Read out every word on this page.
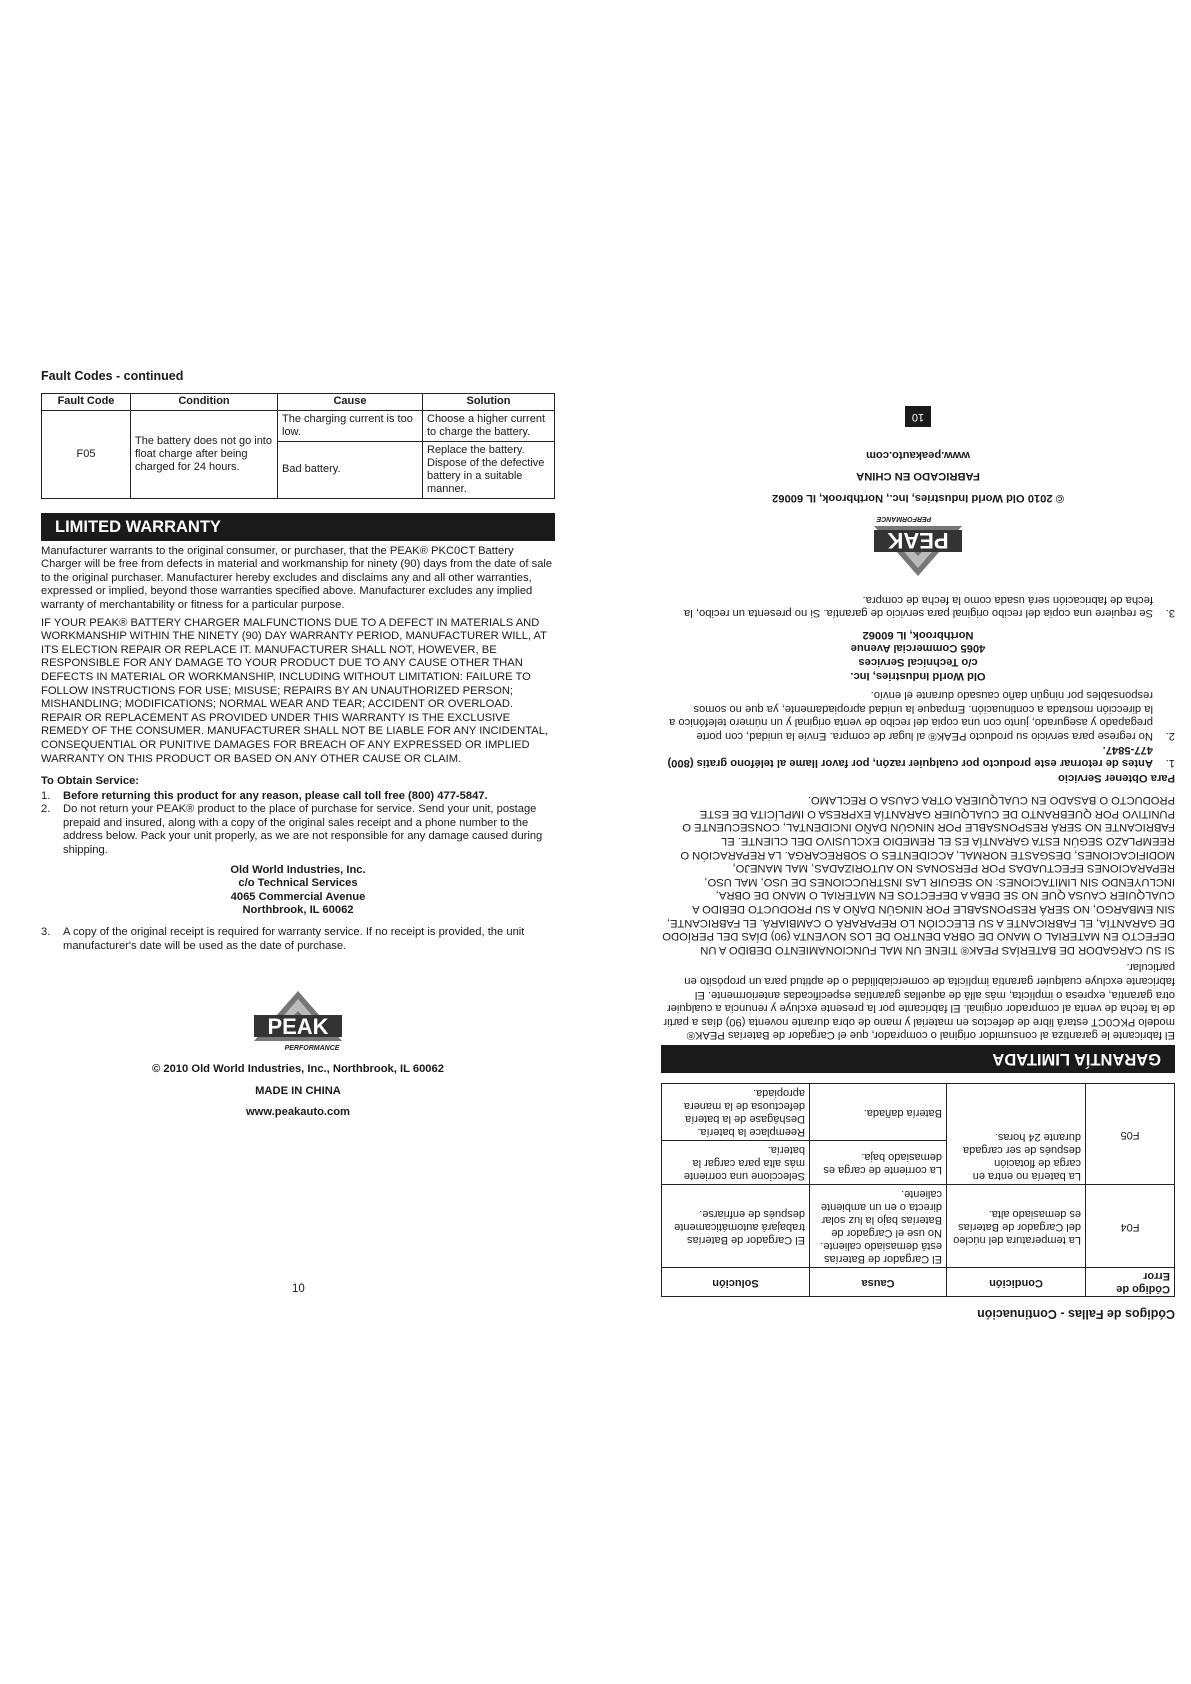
Fault Codes - continued
Fault Code	Condition	Cause	Solution
F05	The battery does not go into float charge after being charged for 24 hours.	The charging current is too low.	Choose a higher current to charge the battery.
		Bad battery.	Replace the battery. Dispose of the defective battery in a suitable manner.
LIMITED WARRANTY

Manufacturer warrants to the original consumer, or purchaser, that the PEAK® PKC0CT Battery Charger will be free from defects in material and workmanship for ninety (90) days from the date of sale to the original purchaser. Manufacturer hereby excludes and disclaims any and all other warranties, expressed or implied, beyond those warranties specified above. Manufacturer excludes any implied warranty of merchantability or fitness for a particular purpose.

IF YOUR PEAK® BATTERY CHARGER MALFUNCTIONS DUE TO A DEFECT IN MATERIALS AND WORKMANSHIP WITHIN THE NINETY (90) DAY WARRANTY PERIOD, MANUFACTURER WILL, AT ITS ELECTION REPAIR OR REPLACE IT. MANUFACTURER SHALL NOT, HOWEVER, BE RESPONSIBLE FOR ANY DAMAGE TO YOUR PRODUCT DUE TO ANY CAUSE OTHER THAN DEFECTS IN MATERIAL OR WORKMANSHIP, INCLUDING WITHOUT LIMITATION: FAILURE TO FOLLOW INSTRUCTIONS FOR USE; MISUSE; REPAIRS BY AN UNAUTHORIZED PERSON; MISHANDLING; MODIFICATIONS; NORMAL WEAR AND TEAR; ACCIDENT OR OVERLOAD. REPAIR OR REPLACEMENT AS PROVIDED UNDER THIS WARRANTY IS THE EXCLUSIVE REMEDY OF THE CONSUMER. MANUFACTURER SHALL NOT BE LIABLE FOR ANY INCIDENTAL, CONSEQUENTIAL OR PUNITIVE DAMAGES FOR BREACH OF ANY EXPRESSED OR IMPLIED WARRANTY ON THIS PRODUCT OR BASED ON ANY OTHER CAUSE OR CLAIM.

To Obtain Service:
1. Before returning this product for any reason, please call toll free (800) 477-5847.
2. Do not return your PEAK® product to the place of purchase for service. Send your unit, postage prepaid and insured, along with a copy of the original sales receipt and a phone number to the address below. Pack your unit properly, as we are not responsible for any damage caused during shipping.
Old World Industries, Inc.
c/o Technical Services
4065 Commercial Avenue
Northbrook, IL 60062
3. A copy of the original receipt is required for warranty service. If no receipt is provided, the unit manufacturer's date will be used as the date of purchase.
PEAK
PERFORMANCE
© 2010 Old World Industries, Inc., Northbrook, IL 60062
MADE IN CHINA
www.peakauto.com
10
Códigos de Fallas - Continuación
Código de Error	Condición	Causa	Solución
F04	La temperatura del núcleo del Cargador de Baterías es demasiado alta.	El Cargador de Baterías está demasiado caliente. No use el Cargador de Baterías bajo la luz solar directa o en un ambiente caliente.	El Cargador de Baterías trabajará automáticamente después de enfriarse.
F05	La batería no entra en carga de flotación después de ser cargada durante 24 horas.	La corriente de carga es demasiado baja.	Seleccione una corriente más alta para cargar la batería.
		Batería dañada.	Reemplace la batería. Deshágase de la batería defectuosa de la manera apropiada.
GARANTÍA LIMITADA

El fabricante le garantiza al consumidor original o comprador, que el Cargador de Baterías PEAK® modelo PKC0CT estará libre de defectos en material y mano de obra durante noventa (90) días a partir de la fecha de venta al comprador original. El fabricante por la presente excluye y renuncia a cualquier otra garantía, expresa o implícita, más allá de aquellas garantías especificadas anteriormente. El fabricante excluye cualquier garantía implícita de comerciabilidad o de aptitud para un propósito en particular.

SI SU CARGADOR DE BATERÍAS PEAK® TIENE UN MAL FUNCIONAMIENTO DEBIDO A UN DEFECTO EN MATERIAL O MANO DE OBRA DENTRO DE LOS NOVENTA (90) DÍAS DEL PERÍODO DE GARANTÍA, EL FABRICANTE A SU ELECCIÓN LO REPARARÁ O CAMBIARÁ. EL FABRICANTE, SIN EMBARGO, NO SERÁ RESPONSABLE POR NINGÚN DAÑO A SU PRODUCTO DEBIDO A CUALQUIER CAUSA QUE NO SE DEBA A DEFECTOS EN MATERIAL O MANO DE OBRA, INCLUYENDO SIN LIMITACIONES: NO SEGUIR LAS INSTRUCCIONES DE USO, MAL USO, REPARACIONES EFECTUADAS POR PERSONAS NO AUTORIZADAS, MAL MANEJO, MODIFICACIONES, DESGASTE NORMAL, ACCIDENTES O SOBRECARGA. LA REPARACIÓN O REEMPLAZO SEGÚN ESTA GARANTÍA ES EL REMEDIO EXCLUSIVO DEL CLIENTE. EL FABRICANTE NO SERÁ RESPONSABLE POR NINGÚN DAÑO INCIDENTAL, CONSECUENTE O PUNITIVO POR QUEBRANTO DE CUALQUIER GARANTÍA EXPRESA O IMPLÍCITA DE ESTE PRODUCTO O BASADO EN CUALQUIERA OTRA CAUSA O RECLAMO.

Para Obtener Servicio
1.
Antes de retornar este producto por cualquier razón, por favor llame al teléfono gratis (800) 477-5847.
2.
No regrese para servicio su producto PEAK® al lugar de compra. Envíe la unidad, con porte pregapado y asegurado, junto con una copia del recibo de venta original y un número telefónico a la dirección mostrada a continuación. Empaque la unidad apropiadamente, ya que no somos responsables por ningún daño causado durante el envío.
Old World Industries, Inc.
c/o Technical Services
4065 Commercial Avenue
Northbrook, IL 60062
3.
Se requiere una copia del recibo original para servicio de garantía. Si no presenta un recibo, la fecha de fabricación será usada como la fecha de compra.
PEAK
PERFORMANCE
© 2010 Old World Industries, Inc., Northbrook, IL 60062
FABRICADO EN CHINA
www.peakauto.com
10
